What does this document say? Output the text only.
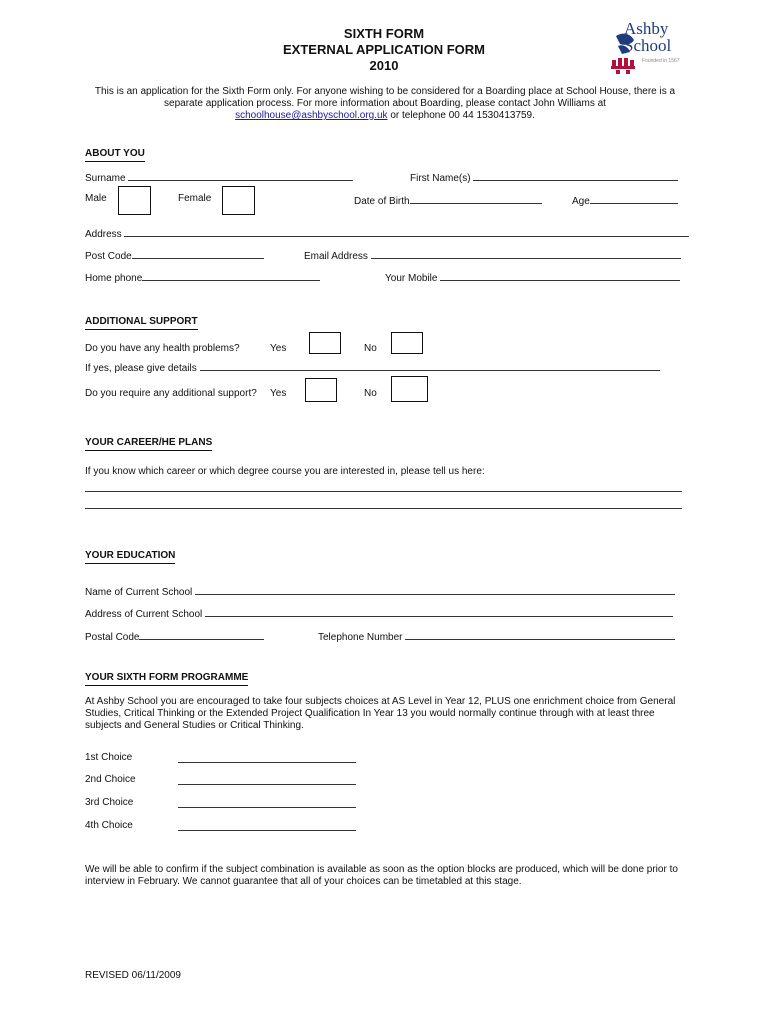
SIXTH FORM
EXTERNAL APPLICATION FORM
2010

Ashby

School

Founded in 1567

This is an application for the Sixth Form only. For anyone wishing to be considered for a Boarding place at School House, there is a separate application process. For more information about Boarding, please contact John Williams at
schoolhouse@ashbyschool.org.uk or telephone 00 44 1530413759.
ABOUT YOU
Surname	First Name(s)
Male	Female	Date of Birth	Age
Address
Post Code	Email Address
Home phone	Your Mobile
ADDITIONAL SUPPORT
Do you have any health problems?	Yes	No
If yes, please give details
Do you require any additional support? Yes	No
YOUR CAREER/HE PLANS
If you know which career or which degree course you are interested in, please tell us here:
YOUR EDUCATION
Name of Current School
Address of Current School
Postal Code	Telephone Number
YOUR SIXTH FORM PROGRAMME
At Ashby School you are encouraged to take four subjects choices at AS Level in Year 12, PLUS one enrichment choice from General Studies, Critical Thinking or the Extended Project Qualification In Year 13 you would normally continue through with at least three subjects and General Studies or Critical Thinking.
1st Choice
2nd Choice
3rd Choice
4th Choice
We will be able to confirm if the subject combination is available as soon as the option blocks are produced, which will be done prior to interview in February. We cannot guarantee that all of your choices can be timetabled at this stage.
REVISED 06/11/2009
